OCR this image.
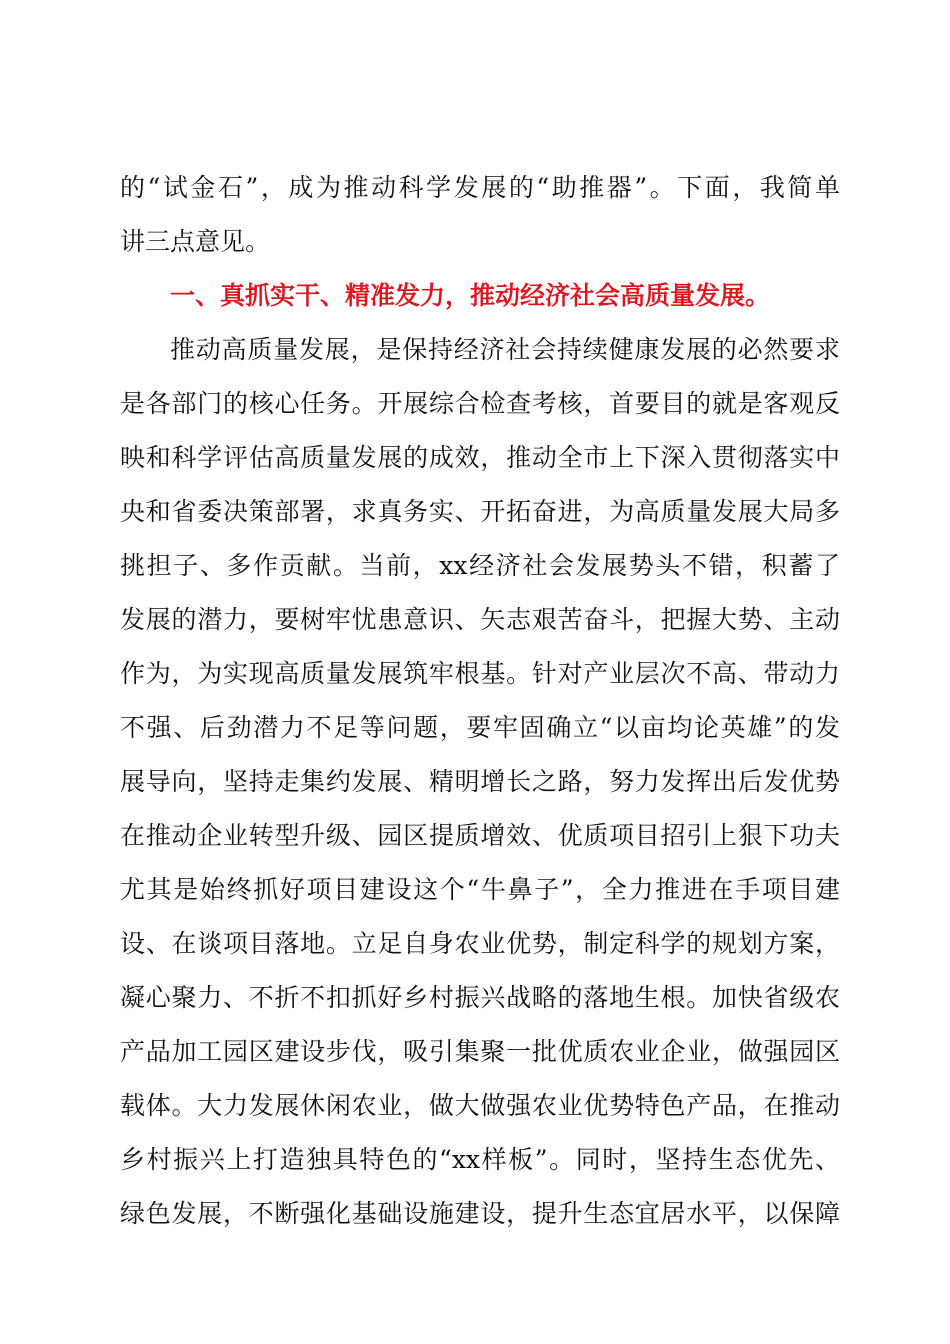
的“试金石”，成为推动科学发展的“助推器”。下面，我简单
讲三点意见。
一、真抓实干、精准发力，推动经济社会高质量发展。
推动高质量发展，是保持经济社会持续健康发展的必然要求
是各部门的核心任务。开展综合检查考核，首要目的就是客观反
映和科学评估高质量发展的成效，推动全市上下深入贯彻落实中
央和省委决策部署，求真务实、开拓奋进，为高质量发展大局多
挑担子、多作贡献。当前，xx经济社会发展势头不错，积蓄了
发展的潜力，要树牢忧患意识、矢志艰苦奋斗，把握大势、主动
作为，为实现高质量发展筑牢根基。针对产业层次不高、带动力
不强、后劲潜力不足等问题，要牢固确立“以亩均论英雄”的发
展导向，坚持走集约发展、精明增长之路，努力发挥出后发优势
在推动企业转型升级、园区提质增效、优质项目招引上狠下功夫
尤其是始终抓好项目建设这个“牛鼻子”，全力推进在手项目建
设、在谈项目落地。立足自身农业优势，制定科学的规划方案，
凝心聚力、不折不扣抓好乡村振兴战略的落地生根。加快省级农
产品加工园区建设步伐，吸引集聚一批优质农业企业，做强园区
载体。大力发展休闲农业，做大做强农业优势特色产品，在推动
乡村振兴上打造独具特色的“xx样板”。同时，坚持生态优先、
绿色发展，不断强化基础设施建设，提升生态宜居水平，以保障
